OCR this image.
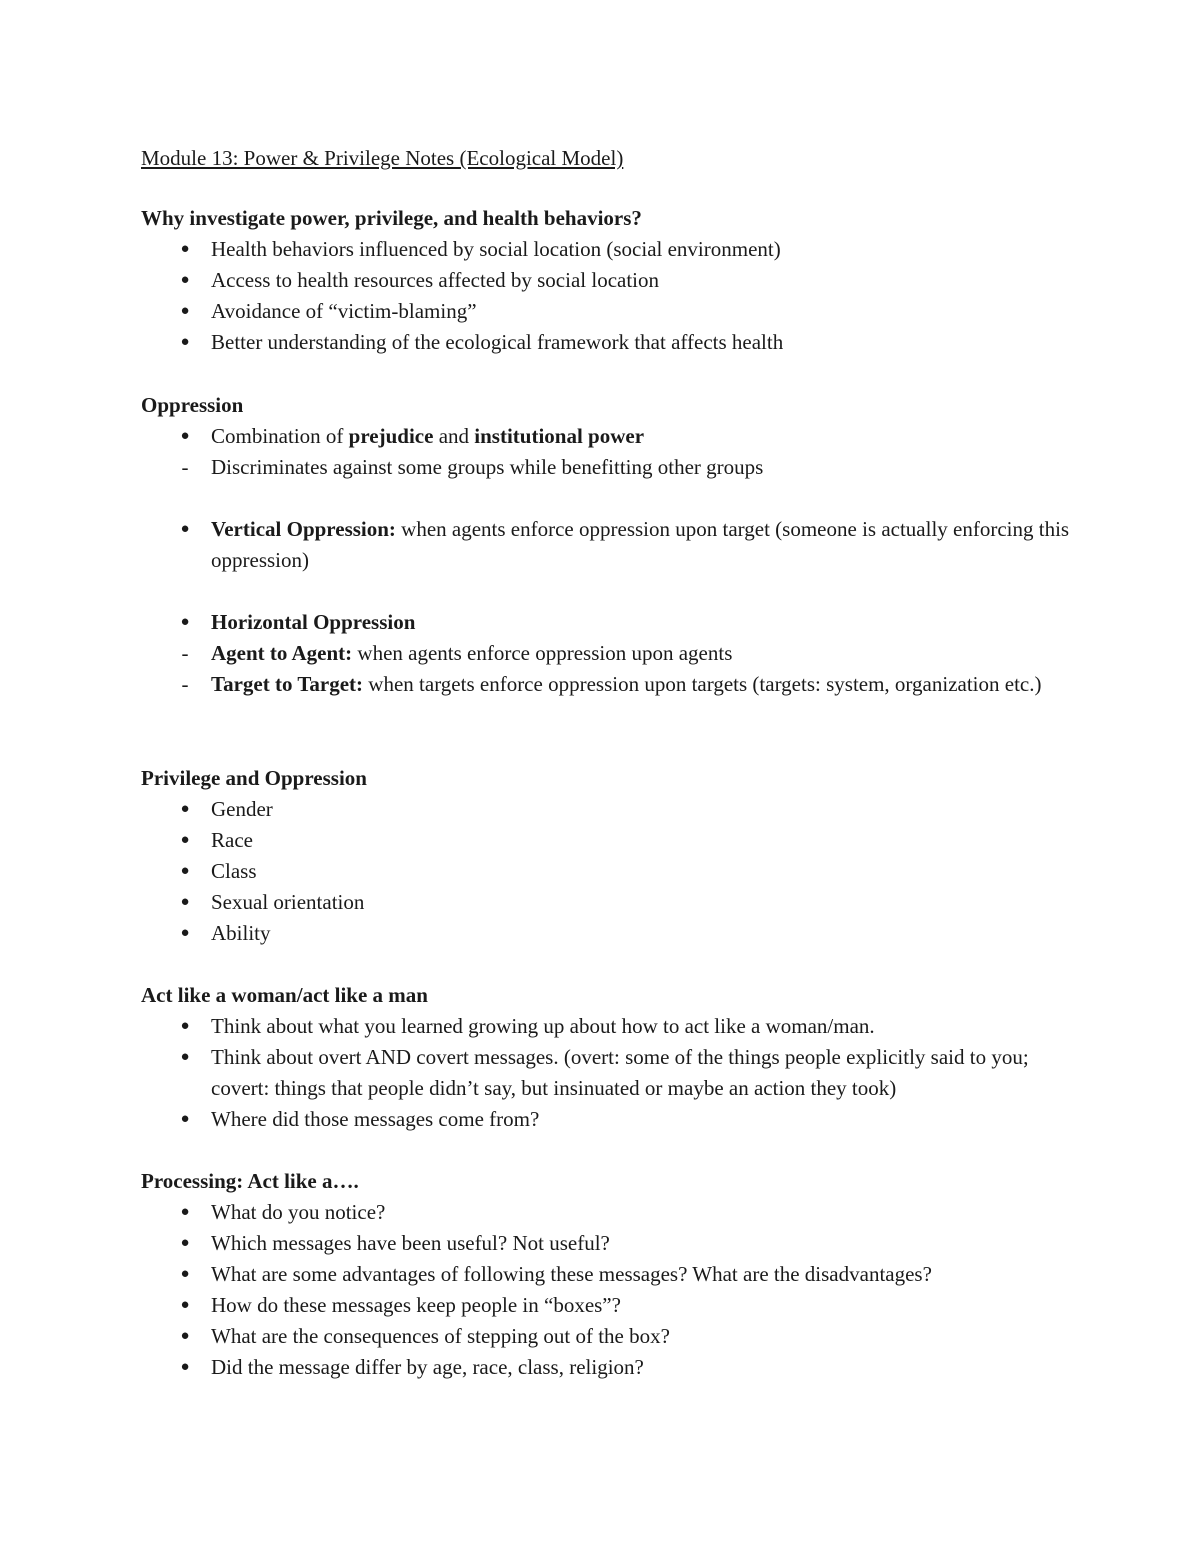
Module 13: Power & Privilege Notes (Ecological Model)
Why investigate power, privilege, and health behaviors?
● Health behaviors influenced by social location (social environment)
● Access to health resources affected by social location
● Avoidance of “victim-blaming”
● Better understanding of the ecological framework that affects health
Oppression
● Combination of prejudice and institutional power
-	Discriminates against some groups while benefitting other groups
● Vertical Oppression: when agents enforce oppression upon target (someone is actually enforcing this oppression)
● Horizontal Oppression
-	Agent to Agent: when agents enforce oppression upon agents
-	Target to Target: when targets enforce oppression upon targets (targets: system, organization etc.)
Privilege and Oppression
● Gender
● Race
● Class
● Sexual orientation
● Ability
Act like a woman/act like a man
● Think about what you learned growing up about how to act like a woman/man.
● Think about overt AND covert messages. (overt: some of the things people explicitly said to you; covert: things that people didn’t say, but insinuated or maybe an action they took)
● Where did those messages come from?
Processing: Act like a….
● What do you notice?
● Which messages have been useful? Not useful?
● What are some advantages of following these messages? What are the disadvantages?
● How do these messages keep people in “boxes”?
● What are the consequences of stepping out of the box?
● Did the message differ by age, race, class, religion?
